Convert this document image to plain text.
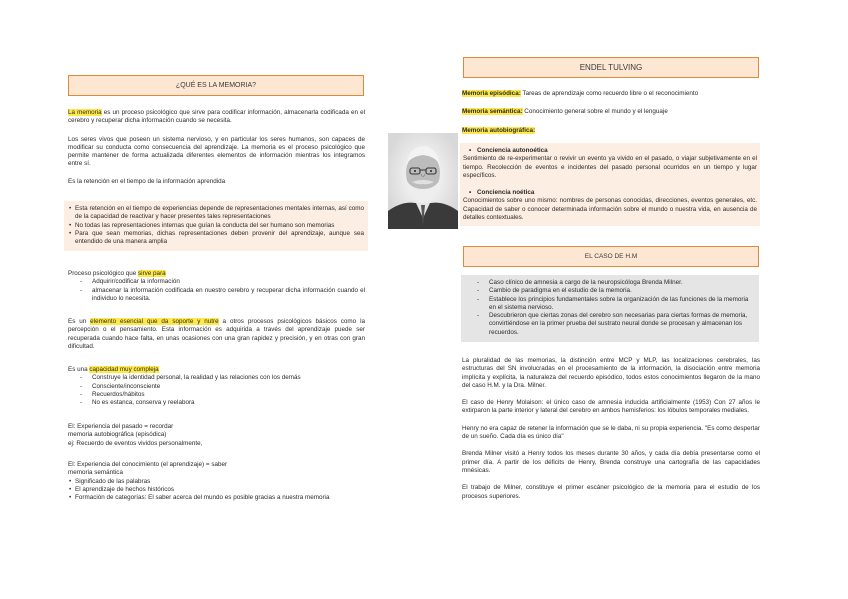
¿QUÉ ES LA MEMORIA?

La memoria es un proceso psicológico que sirve para codificar información, almacenarla codificada en el cerebro y recuperar dicha información cuando se necesita.

Los seres vivos que poseen un sistema nervioso, y en particular los seres humanos, son capaces de modificar su conducta como consecuencia del aprendizaje. La memoria es el proceso psicológico que permite mantener de forma actualizada diferentes elementos de información mientras los integramos entre sí.

Es la retención en el tiempo de la información aprendida

• Esta retención en el tiempo de experiencias depende de representaciones mentales internas, así como de la capacidad de reactivar y hacer presentes tales representaciones
• No todas las representaciones internas que guían la conducta del ser humano son memorias
• Para que sean memorias, dichas representaciones deben provenir del aprendizaje, aunque sea entendido de una manera amplia

Proceso psicológico que sirve para

- Adquirir/codificar la información
- almacenar la información codificada en nuestro cerebro y recuperar dicha información cuando el individuo lo necesita.

Es un elemento esencial que da soporte y nutre a otros procesos psicológicos básicos como la percepción o el pensamiento. Esta información es adquirida a través del aprendizaje puede ser recuperada cuando hace falta, en unas ocasiones con una gran rapidez y precisión, y en otras con gran dificultad.

Es una capacidad muy compleja

- Construye la identidad personal, la realidad y las relaciones con los demás
- Consciente/inconsciente
- Recuerdos/hábitos
- No es estanca, conserva y reelabora

El: Experiencia del pasado = recordar

memoria autobiográfica (episódica)

ej: Recuerdo de eventos vividos personalmente,

El: Experiencia del conocimiento (el aprendizaje) = saber

memoria semántica

• Significado de las palabras
• El aprendizaje de hechos históricos
• Formación de categorías: El saber acerca del mundo es posible gracias a nuestra memoria
ENDEL TULVING

Memoria episódica: Tareas de aprendizaje como recuerdo libre o el reconocimiento

Memoria semántica: Conocimiento general sobre el mundo y el lenguaje

Memoria autobiográfica:

• Conciencia autonoética

Sentimiento de re-experimentar o revivir un evento ya vivido en el pasado, o viajar subjetivamente en el tiempo. Recolección de eventos e incidentes del pasado personal ocurridos en un tiempo y lugar específicos.

• Conciencia noética

Conocimientos sobre uno mismo: nombres de personas conocidas, direcciones, eventos generales, etc. Capacidad de saber o conocer determinada información sobre el mundo o nuestra vida, en ausencia de detalles contextuales.

EL CASO DE H.M
- Caso clínico de amnesia a cargo de la neuropsicóloga Brenda Milner.
- Cambio de paradigma en el estudio de la memoria.
- Establece los principios fundamentales sobre la organización de las funciones de la memoria en el sistema nervioso.
- Descubrieron que ciertas zonas del cerebro son necesarias para ciertas formas de memoria, convirtiéndose en la primer prueba del sustrato neural donde se procesan y almacenan los recuerdos.

La pluralidad de las memorias, la distinción entre MCP y MLP, las localizaciones cerebrales, las estructuras del SN involucradas en el procesamiento de la información, la disociación entre memoria implícita y explícita, la naturaleza del recuerdo episódico, todos estos conocimientos llegaron de la mano del caso H.M. y la Dra. Milner.

El caso de Henry Molaison: el único caso de amnesia inducida artificialmente (1953) Con 27 años le extirparon la parte interior y lateral del cerebro en ambos hemisferios: los lóbulos temporales mediales.

Henry no era capaz de retener la información que se le daba, ni su propia experiencia. "Es como despertar de un sueño. Cada día es único día"

Brenda Milner visitó a Henry todos los meses durante 30 años, y cada día debía presentarse como el primer día. A partir de los déficits de Henry, Brenda construye una cartografía de las capacidades mnésicas.

El trabajo de Milner, constituye el primer escáner psicológico de la memoria para el estudio de los procesos superiores.
